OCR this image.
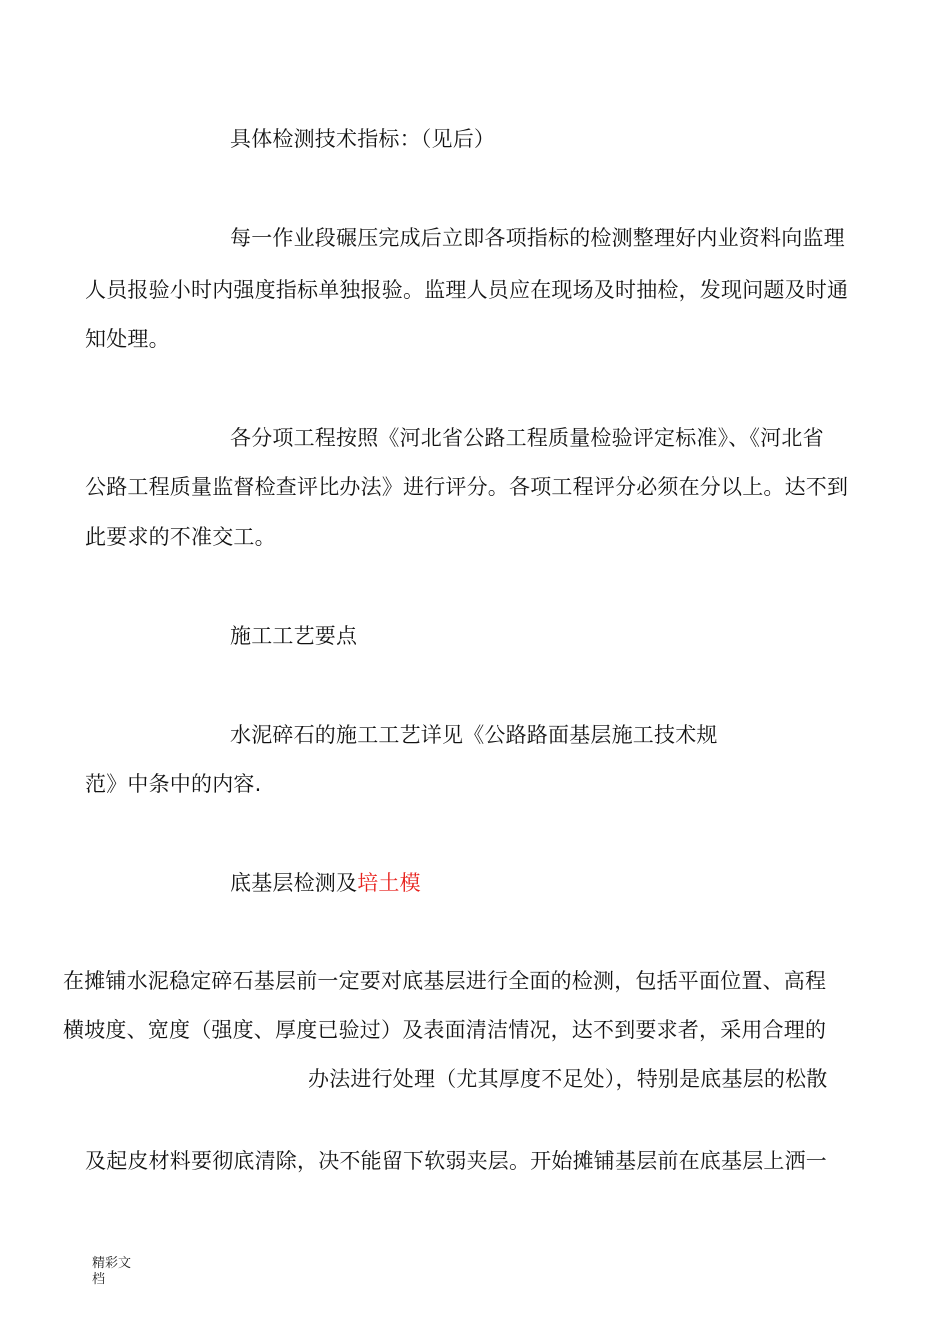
具体检测技术指标：（见后）
每一作业段碾压完成后立即各项指标的检测整理好内业资料向监理
人员报验小时内强度指标单独报验。监理人员应在现场及时抽检，发现问题及时通
知处理。
各分项工程按照《河北省公路工程质量检验评定标准》、《河北省
公路工程质量监督检查评比办法》进行评分。各项工程评分必须在分以上。达不到
此要求的不准交工。
施工工艺要点
水泥碎石的施工工艺详见《公路路面基层施工技术规
范》中条中的内容.
底基层检测及培土模
在摊铺水泥稳定碎石基层前一定要对底基层进行全面的检测，包括平面位置、高程
横坡度、宽度（强度、厚度已验过）及表面清洁情况，达不到要求者，采用合理的
办法进行处理（尤其厚度不足处），特别是底基层的松散
及起皮材料要彻底清除，决不能留下软弱夹层。开始摊铺基层前在底基层上洒一
精彩文档
